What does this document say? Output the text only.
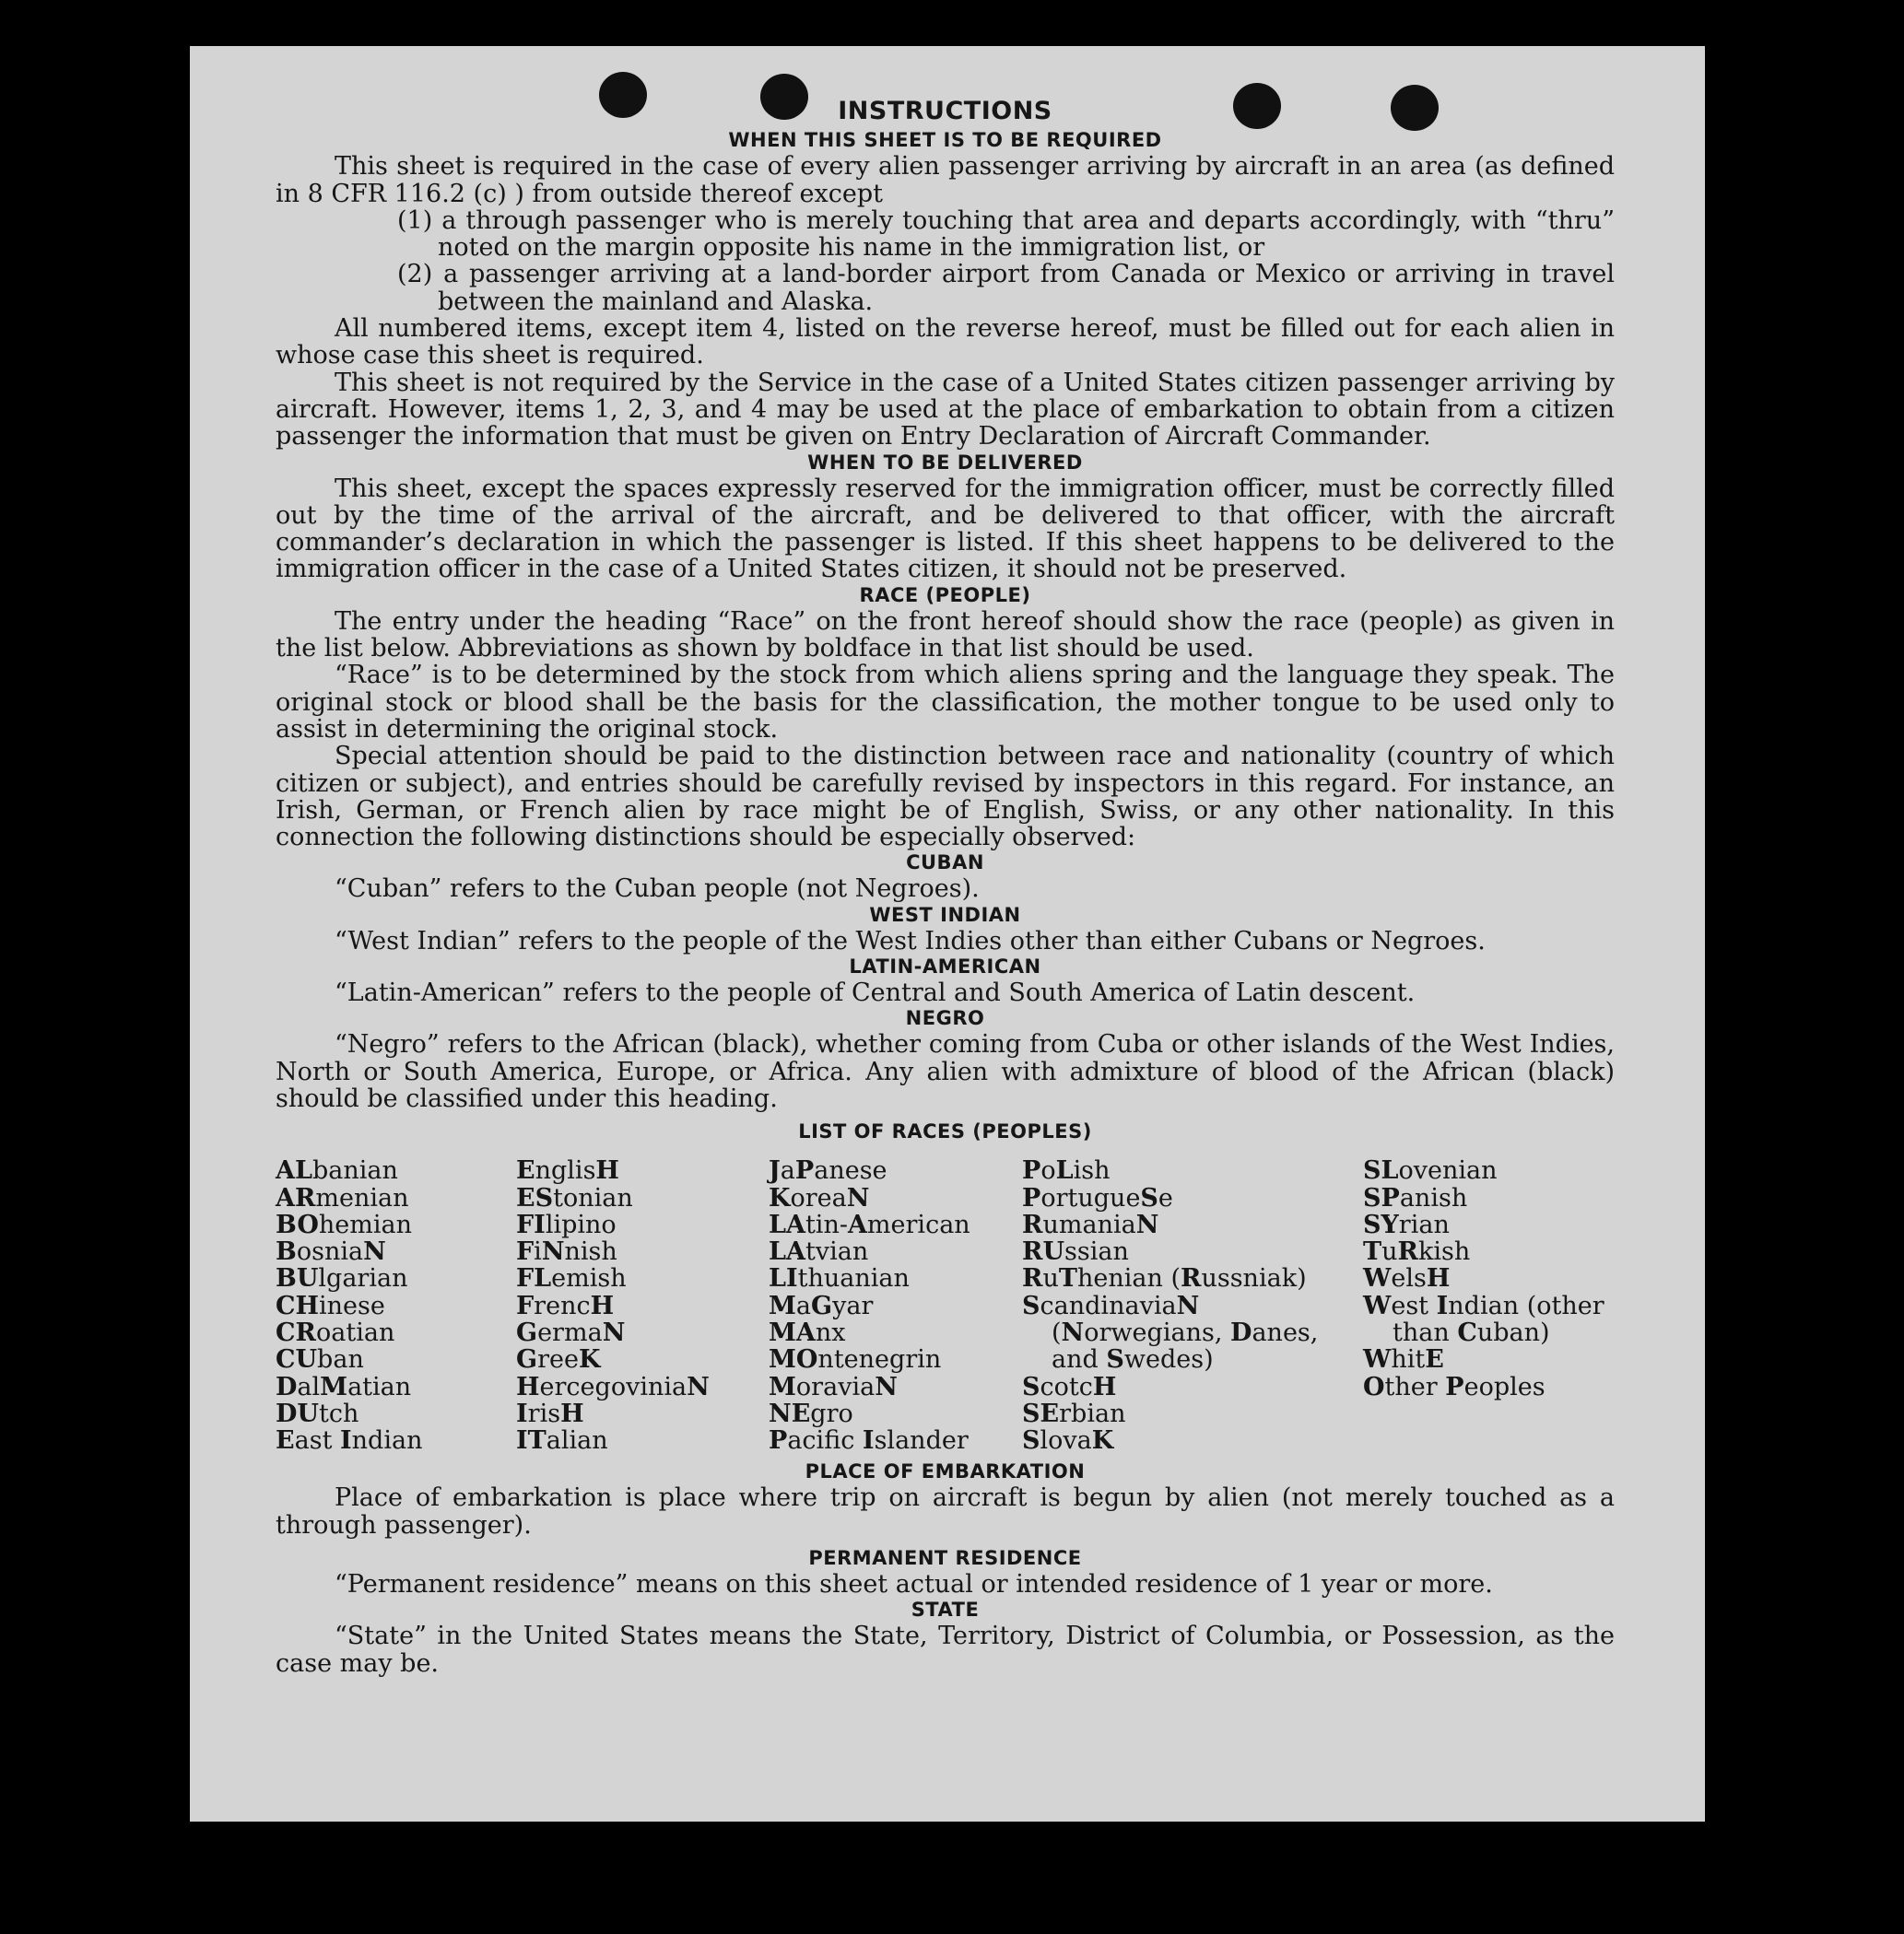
INSTRUCTIONS
WHEN THIS SHEET IS TO BE REQUIRED

This sheet is required in the case of every alien passenger arriving by aircraft in an area (as defined in 8 CFR 116.2 (c) ) from outside thereof except

(1) a through passenger who is merely touching that area and departs accordingly, with “thru” noted on the margin opposite his name in the immigration list, or

(2) a passenger arriving at a land-border airport from Canada or Mexico or arriving in travel between the mainland and Alaska.

All numbered items, except item 4, listed on the reverse hereof, must be filled out for each alien in whose case this sheet is required.

This sheet is not required by the Service in the case of a United States citizen passenger arriving by aircraft. However, items 1, 2, 3, and 4 may be used at the place of embarkation to obtain from a citizen passenger the information that must be given on Entry Declaration of Aircraft Commander.

WHEN TO BE DELIVERED

This sheet, except the spaces expressly reserved for the immigration officer, must be correctly filled out by the time of the arrival of the aircraft, and be delivered to that officer, with the aircraft commander’s declaration in which the passenger is listed. If this sheet happens to be delivered to the immigration officer in the case of a United States citizen, it should not be preserved.

RACE (PEOPLE)

The entry under the heading “Race” on the front hereof should show the race (people) as given in the list below. Abbreviations as shown by boldface in that list should be used.

“Race” is to be determined by the stock from which aliens spring and the language they speak. The original stock or blood shall be the basis for the classification, the mother tongue to be used only to assist in determining the original stock.

Special attention should be paid to the distinction between race and nationality (country of which citizen or subject), and entries should be carefully revised by inspectors in this regard. For instance, an Irish, German, or French alien by race might be of English, Swiss, or any other nationality. In this connection the following distinctions should be especially observed:

CUBAN

“Cuban” refers to the Cuban people (not Negroes).

WEST INDIAN

“West Indian” refers to the people of the West Indies other than either Cubans or Negroes.

LATIN-AMERICAN

“Latin-American” refers to the people of Central and South America of Latin descent.

NEGRO

“Negro” refers to the African (black), whether coming from Cuba or other islands of the West Indies, North or South America, Europe, or Africa. Any alien with admixture of blood of the African (black) should be classified under this heading.

LIST OF RACES (PEOPLES)
ALbanian
ARmenian
BOhemian
BosniaN
BUlgarian
CHinese
CRoatian
CUban
DalMatian
DUtch
East Indian
EnglisH
EStonian
FIlipino
FiNnish
FLemish
FrencH
GermaN
GreeK
HercegoviniaN
IrisH
ITalian
JaPanese
KoreaN
LAtin-American
LAtvian
LIthuanian
MaGyar
MAnx
MOntenegrin
MoraviaN
NEgro
Pacifc Islander
PoLish
PortugueSe
RumaniaN
RUssian
RuThenian (Russniak)
ScandinaviaN (Norwegians, Danes, and Swedes)
ScotcH
SErbian
SlovaK
SLovenian
SPanish
SYrian
TuRkish
WelsH
West Indian (other than Cuban)
WhitE
Other Peoples
PLACE OF EMBARKATION

Place of embarkation is place where trip on aircraft is begun by alien (not merely touched as a through passenger).

PERMANENT RESIDENCE

“Permanent residence” means on this sheet actual or intended residence of 1 year or more.

STATE

“State” in the United States means the State, Territory, District of Columbia, or Possession, as the case may be.
